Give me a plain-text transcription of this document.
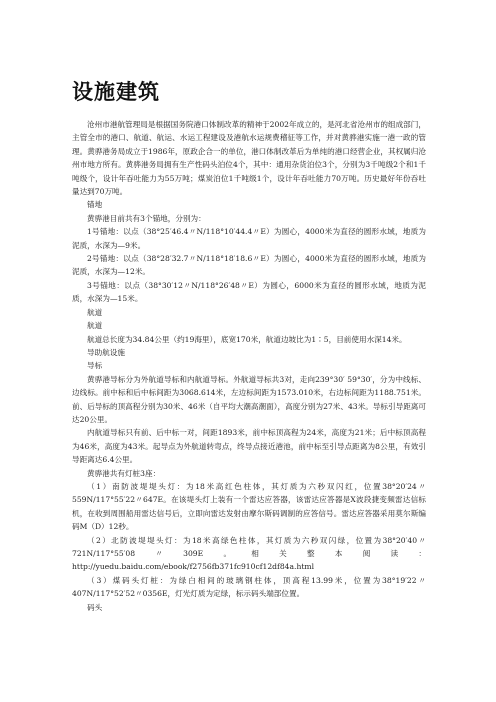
设施建筑

沧州市港航管理局是根据国务院港口体制改革的精神于2002年成立的，是河北省沧州市的组成部门，主管全市的港口、航道、航运、水运工程建设及港航水运规费稽征等工作，并对黄骅港实施一港一政的管理。黄骅港务局成立于1986年，原政企合一的单位，港口体制改革后为单纯的港口经营企业，其权属归沧州市地方所有。黄骅港务局拥有生产性码头泊位4个，其中：通用杂货泊位3个，分别为3千吨级2个和1千吨级个，设计年吞吐能力为55万吨；煤炭泊位1千吨级1个，设计年吞吐能力70万吨。历史最好年份吞吐量达到70万吨。

锚地

黄骅港目前共有3个锚地，分别为：

1号锚地：以点（38°25′46.4〃N/118°10′44.4〃E）为圆心，4000米为直径的圆形水域，地质为泥质，水深为—9米。

2号锚地：以点（38°28′32.7〃N/118°18′18.6〃E）为圆心，4000米为直径的圆形水域，地质为泥质，水深为—12米。

3号锚地：以点（38°30′12〃N/118°26′48〃E）为圆心，6000米为直径的圆形水域，地质为泥质，水深为—15米。

航道

航道

航道总长度为34.84公里（约19海里），底宽170米，航道边坡比为1∶5，目前使用水深14米。

导助航设施

导标

黄骅港导标分为外航道导标和内航道导标。外航道导标共3对，走向239°30′ 59°30′，分为中线标、边线标。前中标和后中标间距为3068.614米，左边标间距为1573.010米，右边标间距为1188.751米。前、后导标的顶高程分别为30米、46米（自平均大潮高潮面），高度分别为27米、43米。导标引导距离可达20公里。

内航道导标只有前、后中标一对，间距1893米，前中标顶高程为24米，高度为21米；后中标顶高程为46米，高度为43米。起导点为外航道转弯点，终导点接近港池，前中标至引导点距离为8公里，有效引导距离达6.4公里。

黄骅港共有灯桩3座：

（1）南防波堤堤头灯：为18米高红色柱体，其灯质为六秒双闪红，位置38°20′24〃559N/117°55′22〃647E。在该堤头灯上装有一个雷达应答器，该雷达应答器是X波段捷变频雷达信标机，在收到周围船用雷达信号后，立即向雷达发射由摩尔斯码调制的应答信号。雷达应答器采用莫尔斯编码M（D）12秒。

（2）北防波堤堤头灯：为18米高绿色柱体，其灯质为六秒双闪绿，位置为38°20′40〃721N/117°55′08〃309E。相关整本阅读：http://yuedu.baidu.com/ebook/f2756fb371fc910cf12df84a.html

（3）煤码头灯桩：为绿白相间的玻璃钢柱体，顶高程13.99米，位置为38°19′22〃407N/117°52′52〃0356E，灯光灯质为定绿，标示码头端部位置。

码头
